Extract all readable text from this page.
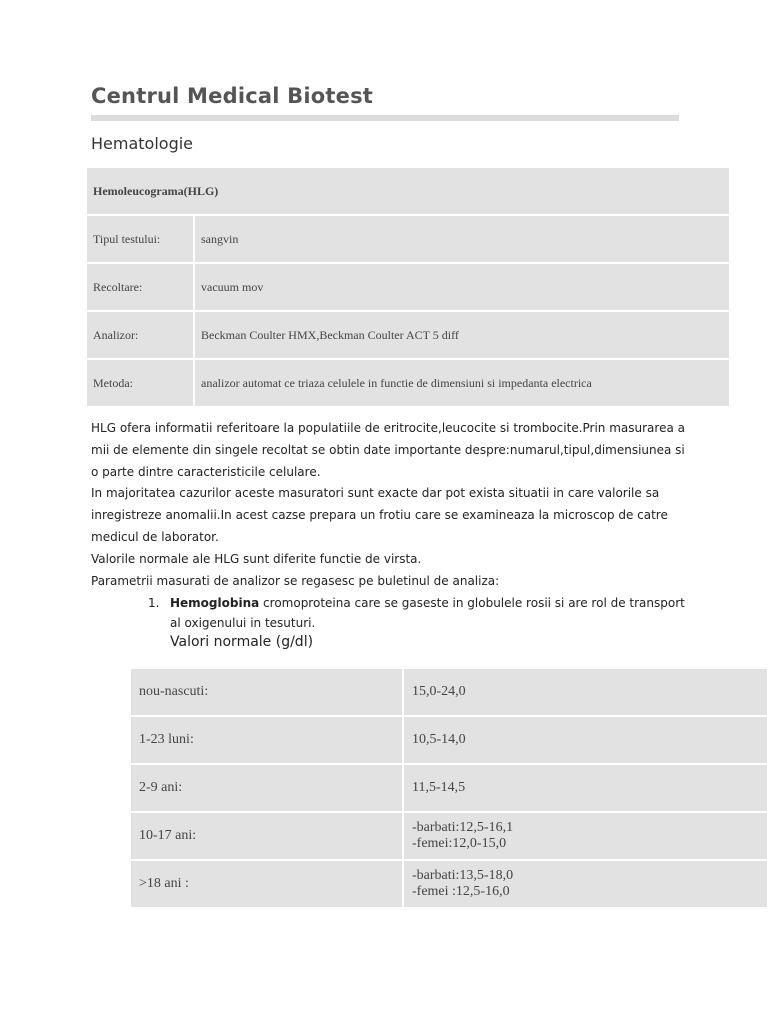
Centrul Medical Biotest
Hematologie
Hemoleucograma(HLG)	
Tipul testului:	sangvin
Recoltare:	vacuum mov
Analizor:	Beckman Coulter HMX,Beckman Coulter ACT 5 diff
Metoda:	analizor automat ce triaza celulele in functie de dimensiuni si impedanta electrica

HLG ofera informatii referitoare la populatiile de eritrocite,leucocite si trombocite.Prin masurarea a mii de elemente din singele recoltat se obtin date importante despre:numarul,tipul,dimensiunea si o parte dintre caracteristicile celulare.

In majoritatea cazurilor aceste masuratori sunt exacte dar pot exista situatii in care valorile sa inregistreze anomalii.In acest cazse prepara un frotiu care se examineaza la microscop de catre medicul de laborator.

Valorile normale ale HLG sunt diferite functie de virsta.

Parametrii masurati de analizor se regasesc pe buletinul de analiza:

1. Hemoglobina cromoproteina care se gaseste in globulele rosii si are rol de transport al oxigenului in tesuturi.
Valori normale (g/dl)
nou-nascuti:	15,0-24,0

1-23 luni:	10,5-14,0

2-9 ani:	11,5-14,5

10-17 ani:	-barbati:12,5-16,1
-femei:12,0-15,0

>18 ani :	-barbati:13,5-18,0
-femei :12,5-16,0
